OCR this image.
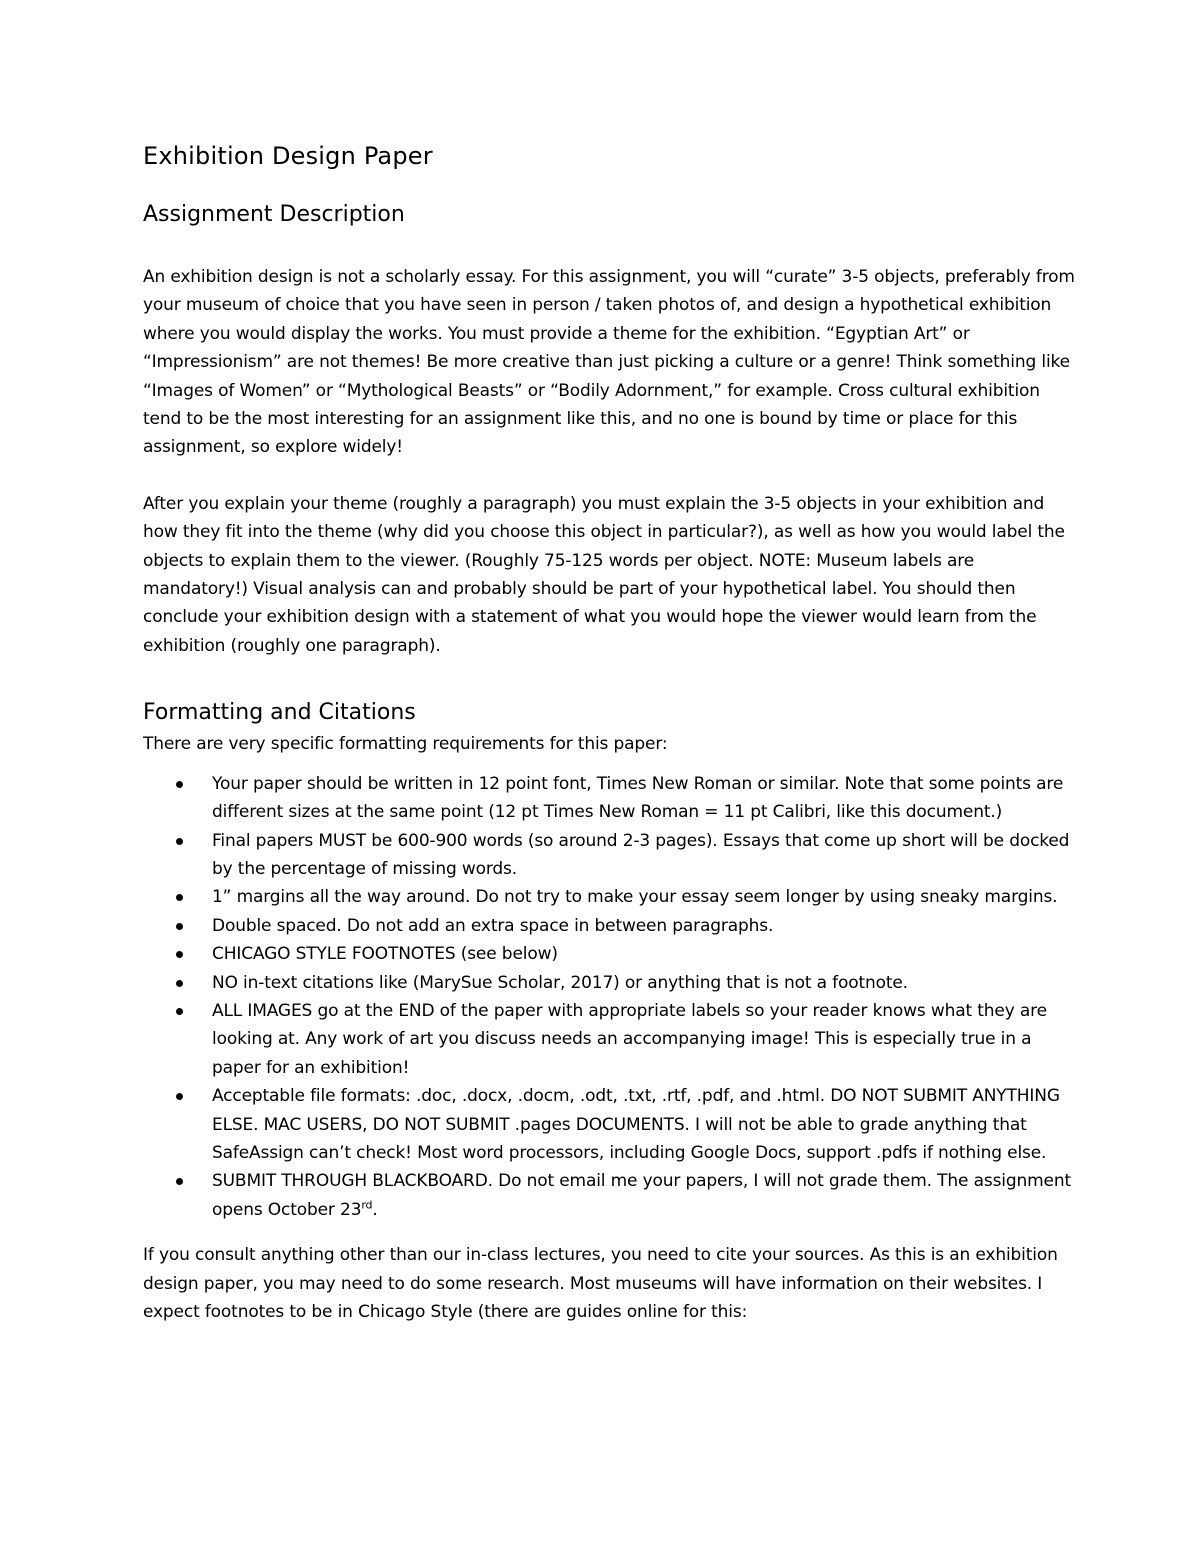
Exhibition Design Paper
Assignment Description

An exhibition design is not a scholarly essay. For this assignment, you will “curate” 3-5 objects, preferably from your museum of choice that you have seen in person / taken photos of, and design a hypothetical exhibition where you would display the works. You must provide a theme for the exhibition. “Egyptian Art” or “Impressionism” are not themes! Be more creative than just picking a culture or a genre! Think something like “Images of Women” or “Mythological Beasts” or “Bodily Adornment,” for example. Cross cultural exhibition tend to be the most interesting for an assignment like this, and no one is bound by time or place for this assignment, so explore widely!

After you explain your theme (roughly a paragraph) you must explain the 3-5 objects in your exhibition and how they fit into the theme (why did you choose this object in particular?), as well as how you would label the objects to explain them to the viewer. (Roughly 75-125 words per object. NOTE: Museum labels are mandatory!) Visual analysis can and probably should be part of your hypothetical label. You should then conclude your exhibition design with a statement of what you would hope the viewer would learn from the exhibition (roughly one paragraph).

Formatting and Citations

There are very specific formatting requirements for this paper:

Your paper should be written in 12 point font, Times New Roman or similar. Note that some points are different sizes at the same point (12 pt Times New Roman = 11 pt Calibri, like this document.)
Final papers MUST be 600-900 words (so around 2-3 pages). Essays that come up short will be docked by the percentage of missing words.
1” margins all the way around. Do not try to make your essay seem longer by using sneaky margins.
Double spaced. Do not add an extra space in between paragraphs.
CHICAGO STYLE FOOTNOTES (see below)
NO in-text citations like (MarySue Scholar, 2017) or anything that is not a footnote.
ALL IMAGES go at the END of the paper with appropriate labels so your reader knows what they are looking at. Any work of art you discuss needs an accompanying image! This is especially true in a paper for an exhibition!
Acceptable file formats: .doc, .docx, .docm, .odt, .txt, .rtf, .pdf, and .html. DO NOT SUBMIT ANYTHING ELSE. MAC USERS, DO NOT SUBMIT .pages DOCUMENTS. I will not be able to grade anything that SafeAssign can’t check! Most word processors, including Google Docs, support .pdfs if nothing else.
SUBMIT THROUGH BLACKBOARD. Do not email me your papers, I will not grade them. The assignment opens October 23rd.

If you consult anything other than our in-class lectures, you need to cite your sources. As this is an exhibition design paper, you may need to do some research. Most museums will have information on their websites. I expect footnotes to be in Chicago Style (there are guides online for this:
